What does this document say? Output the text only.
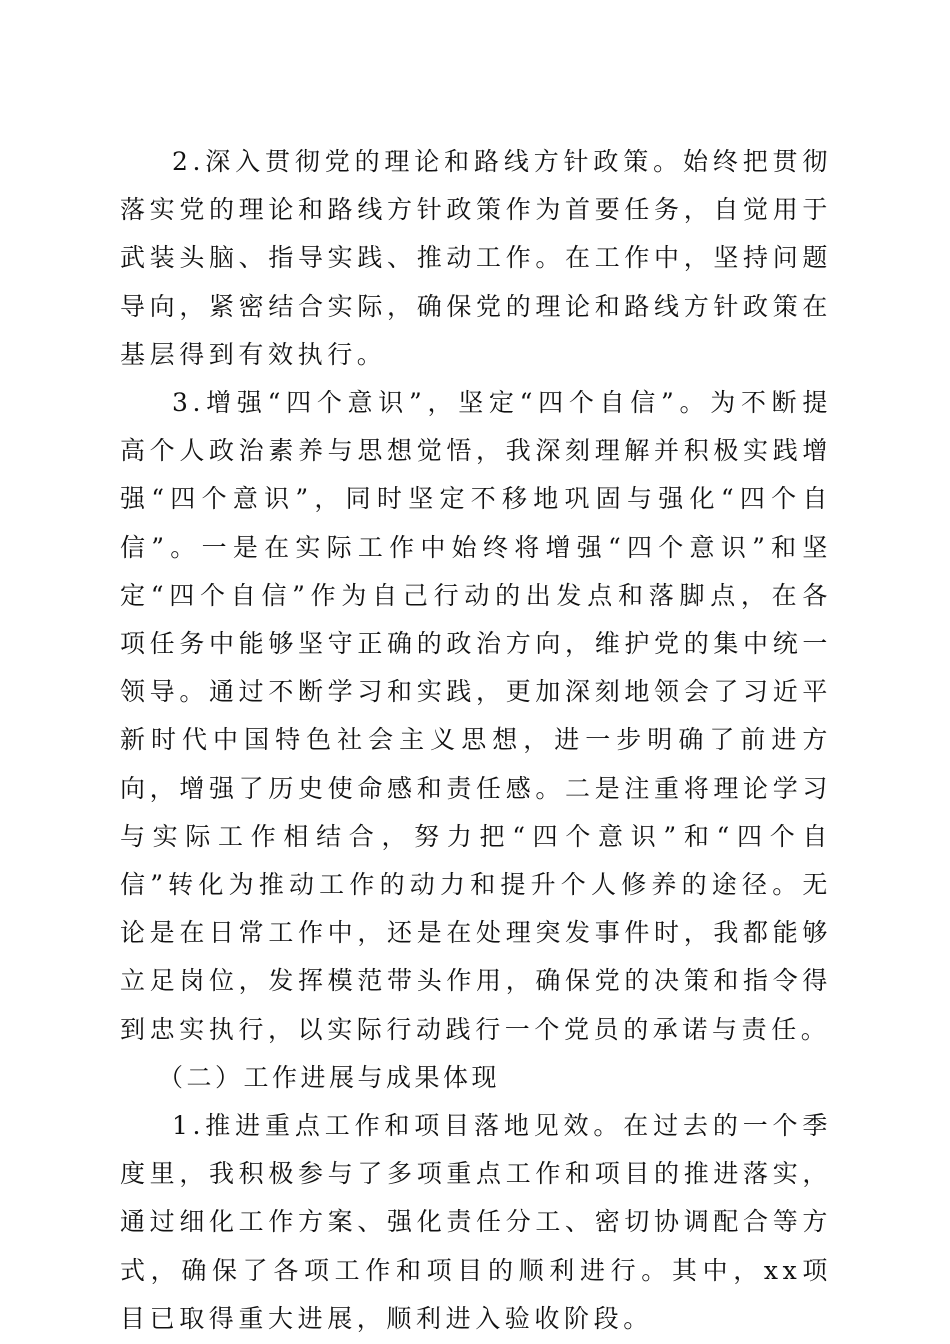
2.深入贯彻党的理论和路线方针政策。始终把贯彻落实党的理论和路线方针政策作为首要任务，自觉用于武装头脑、指导实践、推动工作。在工作中，坚持问题导向，紧密结合实际，确保党的理论和路线方针政策在基层得到有效执行。

3.增强“四个意识”，坚定“四个自信”。为不断提高个人政治素养与思想觉悟，我深刻理解并积极实践增强“四个意识”，同时坚定不移地巩固与强化“四个自信”。一是在实际工作中始终将增强“四个意识”和坚定“四个自信”作为自己行动的出发点和落脚点，在各项任务中能够坚守正确的政治方向，维护党的集中统一领导。通过不断学习和实践，更加深刻地领会了习近平新时代中国特色社会主义思想，进一步明确了前进方向，增强了历史使命感和责任感。二是注重将理论学习与实际工作相结合，努力把“四个意识”和“四个自信”转化为推动工作的动力和提升个人修养的途径。无论是在日常工作中，还是在处理突发事件时，我都能够立足岗位，发挥模范带头作用，确保党的决策和指令得到忠实执行，以实际行动践行一个党员的承诺与责任。

（二）工作进展与成果体现

1.推进重点工作和项目落地见效。在过去的一个季度里，我积极参与了多项重点工作和项目的推进落实，通过细化工作方案、强化责任分工、密切协调配合等方式，确保了各项工作和项目的顺利进行。其中，xx项目已取得重大进展，顺利进入验收阶段。
